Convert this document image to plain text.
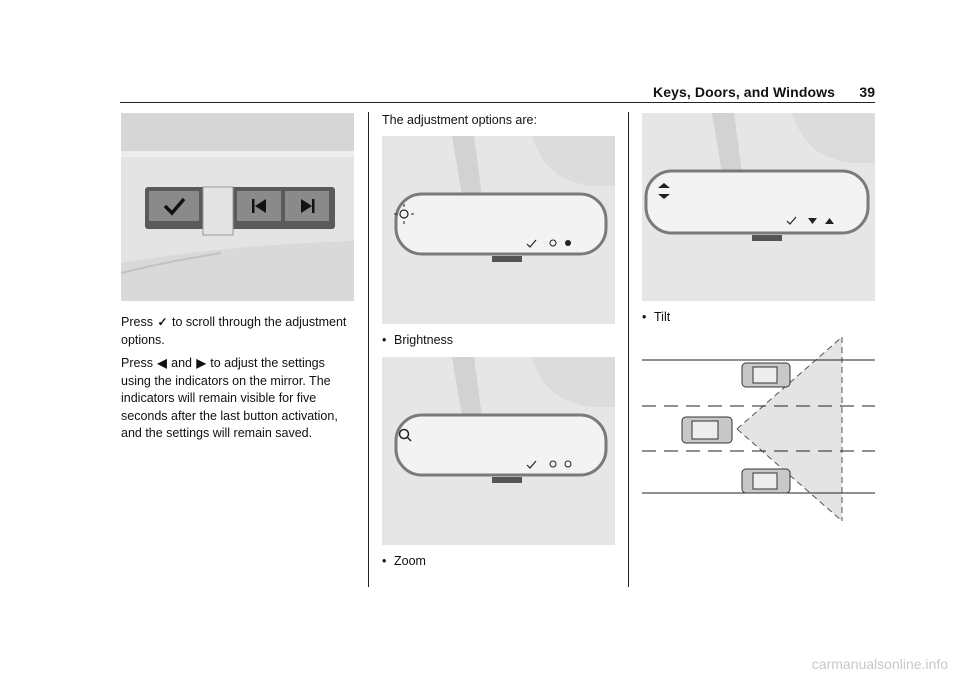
Keys, Doors, and Windows 39

Press ✓ to scroll through the adjustment options.

Press ◀ and ▶ to adjust the settings using the indicators on the mirror. The indicators will remain visible for five seconds after the last button activation, and the settings will remain saved.

The adjustment options are:
• Brightness
• Zoom
• Tilt
carmanualsonline.info
